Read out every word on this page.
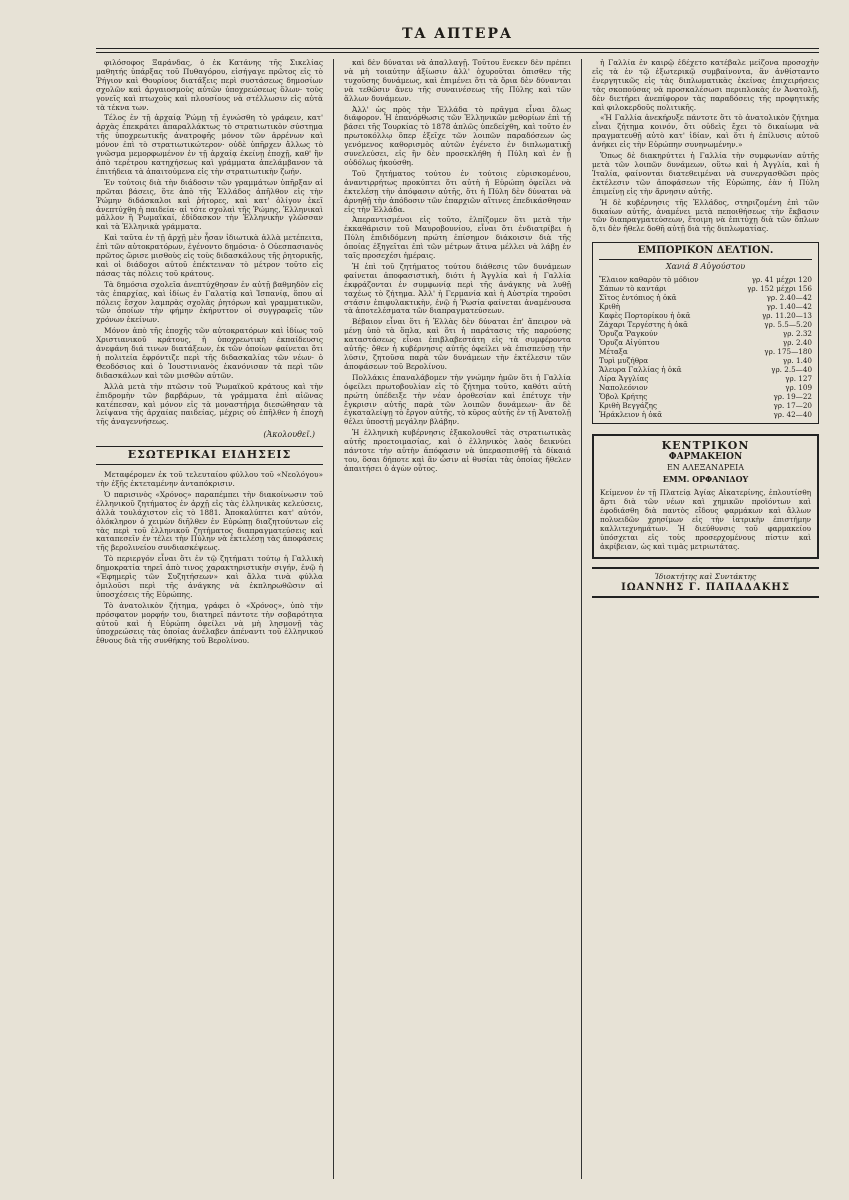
ΤΑ ΑΠΤΕΡΑ

φιλόσοφος Ξαράνδας, ὁ ἐκ Κατάνης τῆς Σικελίας μαθητής ὑπάρξας τοῦ Πυθαγόρου, εἰσήγαγε πρῶτος εἰς τὸ Ῥήγιον καὶ Θουρίους διατάξεις περὶ συστάσεως δημοσίων σχολῶν καὶ ἀργαιοσμοὺς αὐτῶν ὑποχρεώσεως ὅλων· τοὺς γονεῖς καὶ πτωχοὺς καὶ πλουσίους νὰ στέλλωσιν εἰς αὐτὰ τὰ τέκνα των.

Τέλος ἐν τῇ ἀρχαίᾳ Ῥώμῃ τῇ ἐγνώσθη τὸ γράφειν, κατ' ἀρχὰς ἐπεκράτει ἀπαραλλάκτως τὸ στρατιωτικὸν σύστημα τῆς ὑποχρεωτικῆς ἀνατροφῆς μόνον τῶν ἀρρένων καὶ μόνον ἐπὶ τὸ στρατιωτικώτερον· οὐδὲ ὑπῆρχεν ἄλλως τὸ γνῶσμα μεμορφωμένον ἐν τῇ ἀρχαίᾳ ἐκείνῃ ἐποχῇ, καθ' ἣν ἀπὸ τερέτρου κατηχήσεως καὶ γράμματα ἀπελάμβανον τὰ ἐπιτήδεια τὰ ἀπαιτούμενα εἰς τὴν στρατιωτικὴν ζωήν.

Ἐν τούτοις διὰ τὴν διάδοσιν τῶν γραμμάτων ὑπῆρξαν αἱ πρῶται βάσεις, ὅτε ἀπὸ τῆς Ἑλλάδος ἀπῆλθον εἰς τὴν Ῥώμην διδάσκαλοι καὶ ῥήτορες, καὶ κατ' ὀλίγον ἐκεῖ ἀνεπτύχθη ἡ παιδεία· αἱ τότε σχολαὶ τῆς Ῥώμης, Ἑλληνικαὶ μᾶλλον ἢ Ῥωμαϊκαί, ἐδίδασκον τὴν Ἑλληνικὴν γλῶσσαν καὶ τὰ Ἑλληνικὰ γράμματα.

Καὶ ταῦτα ἐν τῇ ἀρχῇ μὲν ἦσαν ἰδιωτικὰ ἀλλὰ μετέπειτα, ἐπὶ τῶν αὐτοκρατόρων, ἐγένοντο δημόσια· ὁ Οὐεσπασιανὸς πρῶτος ὥρισε μισθοὺς εἰς τοὺς διδασκάλους τῆς ῥητορικῆς, καὶ οἱ διάδοχοι αὐτοῦ ἐπέκτειναν τὸ μέτρον τοῦτο εἰς πάσας τὰς πόλεις τοῦ κράτους.

Τὰ δημόσια σχολεῖα ἀνεπτύχθησαν ἐν αὐτῇ βαθμηδὸν εἰς τὰς ἐπαρχίας, καὶ ἰδίως ἐν Γαλατίᾳ καὶ Ἱσπανίᾳ, ὅπου αἱ πόλεις ἔσχον λαμπρὰς σχολὰς ῥητόρων καὶ γραμματικῶν, τῶν ὁποίων τὴν φήμην ἐκήρυττον οἱ συγγραφεῖς τῶν χρόνων ἐκείνων.

Μόνον ἀπὸ τῆς ἐποχῆς τῶν αὐτοκρατόρων καὶ ἰδίως τοῦ Χριστιανικοῦ κράτους, ἡ ὑποχρεωτικὴ ἐκπαίδευσις ἀνεφάνη διά τινων διατάξεων, ἐκ τῶν ὁποίων φαίνεται ὅτι ἡ πολιτεία ἐφρόντιζε περὶ τῆς διδασκαλίας τῶν νέων· ὁ Θεοδόσιος καὶ ὁ Ἰουστινιανὸς ἐκανόνισαν τὰ περὶ τῶν διδασκάλων καὶ τῶν μισθῶν αὐτῶν.

Ἀλλὰ μετὰ τὴν πτῶσιν τοῦ Ῥωμαϊκοῦ κράτους καὶ τὴν ἐπιδρομὴν τῶν βαρβάρων, τὰ γράμματα ἐπὶ αἰῶνας κατέπεσαν, καὶ μόνον εἰς τὰ μοναστήρια διεσώθησαν τὰ λείψανα τῆς ἀρχαίας παιδείας, μέχρις οὗ ἐπῆλθεν ἡ ἐποχὴ τῆς ἀναγεννήσεως.

(Ἀκολουθεῖ.)
ΕΣΩΤΕΡΙΚΑΙ ΕΙΔΗΣΕΙΣ

Μεταφέρομεν ἐκ τοῦ τελευταίου φύλλου τοῦ «Νεολόγου» τὴν ἑξῆς ἐκτεταμένην ἀνταπόκρισιν.

Ὁ παρισινὸς «Χρόνος» παραπέμπει τὴν διακοίνωσιν τοῦ ἑλληνικοῦ ζητήματος ἐν ἀρχῇ εἰς τὰς ἑλληνικὰς κελεύσεις, ἀλλὰ τουλάχιστον εἰς τὸ 1881. Ἀποκαλύπτει κατ' αὐτόν, ὁλόκληρον ὁ χειμὼν διῆλθεν ἐν Εὐρώπῃ διαζητούντων εἰς τὰς περὶ τοῦ ἑλληνικοῦ ζητήματος διαπραγματεύσεις καὶ καταπεσεῖν ἐν τέλει τὴν Πύλην νὰ ἐκτελέσῃ τὰς ἀποφάσεις τῆς βερολινείου συνδιασκέψεως.

Τὸ περιεργόν εἶναι ὅτι ἐν τῷ ζητήματι τούτῳ ἡ Γαλλικὴ δημοκρατία τηρεῖ ἀπὸ τινος χαρακτηριστικὴν σιγήν, ἐνῷ ἡ «Ἐφημερὶς τῶν Συζητήσεων» καὶ ἄλλα τινὰ φύλλα ὁμιλοῦσι περὶ τῆς ἀνάγκης νὰ ἐκπληρωθῶσιν αἱ ὑποσχέσεις τῆς Εὐρώπης.

Τὸ ἀνατολικὸν ζήτημα, γράφει ὁ «Χρόνος», ὑπὸ τὴν πρόσφατον μορφήν του, διατηρεῖ πάντοτε τὴν σοβαρότητα αὐτοῦ καὶ ἡ Εὐρώπη ὀφείλει νὰ μὴ λησμονῇ τὰς ὑποχρεώσεις τὰς ὁποίας ἀνέλαβεν ἀπέναντι τοῦ ἑλληνικοῦ ἔθνους διὰ τῆς συνθήκης τοῦ Βερολίνου.

καὶ δὲν δύναται νὰ ἀπαλλαγῇ. Τοῦτου ἕνεκεν δὲν πρέπει νὰ μὴ τοιαύτην ἀξίωσιν ἀλλ' ὀχυροῦται ὀπισθεν τῆς τυχοῦσης δυνάμεως, καὶ ἐπιμένει ὅτι τὰ ὅρια δὲν δύνανται νὰ τεθῶσιν ἄνευ τῆς συναινέσεως τῆς Πύλης καὶ τῶν ἄλλων δυνάμεων.

Ἀλλ' ὡς πρὸς τὴν Ἑλλάδα τὸ πρᾶγμα εἶναι ὅλως διάφορον. Ἡ ἐπανόρθωσις τῶν Ἑλληνικῶν μεθορίων ἐπὶ τῇ βάσει τῆς Τουρκίας τὸ 1878 ἁπλῶς ὑπεδείχθη, καὶ τοῦτο ἐν πρωτοκόλλῳ ὅπερ ἐξεῖχε τῶν λοιπῶν παραδόσεων ὡς γενόμενος καθορισμὸς αὐτῶν ἐγένετο ἐν διπλωματικῇ συνελεύσει, εἰς ἣν δὲν προσεκλήθη ἡ Πύλη καὶ ἐν ᾗ οὐδόλως ἠκούσθη.

Τοῦ ζητήματος τούτου ἐν τούτοις εὑρισκομένου, ἀναντιρρήτως προκύπτει ὅτι αὐτὴ ἡ Εὐρώπη ὀφείλει νὰ ἐκτελέσῃ τὴν ἀπόφασιν αὐτῆς, ὅτι ἡ Πύλη δὲν δύναται νὰ ἀρνηθῇ τὴν ἀπόδοσιν τῶν ἐπαρχιῶν αἵτινες ἐπεδικάσθησαν εἰς τὴν Ἑλλάδα.

Ἀπεραντισμένοι εἰς τοῦτο, ἐλπίζομεν ὅτι μετὰ τὴν ἐκκαθάρισιν τοῦ Μαυροβουνίου, εἶναι ὅτι ἐνδιατρίβει ἡ Πύλη ἐπιδιδόμενη πρώτη ἐπίσημον διάκοισιν διὰ τῆς ὁποίας ἐξηγεῖται ἐπὶ τῶν μέτρων ἅτινα μέλλει νὰ λάβῃ ἐν ταῖς προσεχέσι ἡμέραις.

Ἡ ἐπὶ τοῦ ζητήματος τούτου διάθεσις τῶν δυνάμεων φαίνεται ἀποφασιστικὴ, διότι ἡ Ἀγγλία καὶ ἡ Γαλλία ἐκφράζονται ἐν συμφωνίᾳ περὶ τῆς ἀνάγκης νὰ λυθῇ ταχέως τὸ ζήτημα. Ἀλλ' ἡ Γερμανία καὶ ἡ Αὐστρία τηροῦσι στάσιν ἐπιφυλακτικὴν, ἐνῷ ἡ Ῥωσία φαίνεται ἀναμένουσα τὰ ἀποτελέσματα τῶν διαπραγματεύσεων.

Βέβαιον εἶναι ὅτι ἡ Ἑλλὰς δὲν δύναται ἐπ' ἄπειρον νὰ μένῃ ὑπὸ τὰ ὅπλα, καὶ ὅτι ἡ παράτασις τῆς παρούσης καταστάσεως εἶναι ἐπιβλαβεστάτη εἰς τὰ συμφέροντα αὐτῆς· ὅθεν ἡ κυβέρνησις αὐτῆς ὀφείλει νὰ ἐπισπεύσῃ τὴν λύσιν, ζητοῦσα παρὰ τῶν δυνάμεων τὴν ἐκτέλεσιν τῶν ἀποφάσεων τοῦ Βερολίνου.

Πολλάκις ἐπαναλάβομεν τὴν γνώμην ἡμῶν ὅτι ἡ Γαλλία ὀφείλει πρωτοβουλίαν εἰς τὸ ζήτημα τοῦτο, καθότι αὐτὴ πρώτη ὑπέδειξε τὴν νέαν ὁροθεσίαν καὶ ἐπέτυχε τὴν ἔγκρισιν αὐτῆς παρὰ τῶν λοιπῶν δυνάμεων· ἂν δὲ ἐγκαταλείψῃ τὸ ἔργον αὐτῆς, τὸ κῦρος αὐτῆς ἐν τῇ Ἀνατολῇ θέλει ὑποστῇ μεγάλην βλάβην.

Ἡ ἑλληνικὴ κυβέρνησις ἐξακολουθεῖ τὰς στρατιωτικὰς αὐτῆς προετοιμασίας, καὶ ὁ ἑλληνικὸς λαὸς δεικνύει πάντοτε τὴν αὐτὴν ἀπόφασιν νὰ ὑπερασπισθῇ τὰ δίκαιά του, ὅσαι δήποτε καὶ ἂν ὦσιν αἱ θυσίαι τὰς ὁποίας ἤθελεν ἀπαιτήσει ὁ ἀγὼν οὗτος.

ἡ Γαλλία ἐν καιρῷ ἐδέχετο κατέβαλε μείζονα προσοχὴν εἰς τὰ ἐν τῷ ἐξωτερικῷ συμβαίνοντα, ἂν ἀνθίσταντο ἐνεργητικῶς εἰς τὰς διπλωματικὰς ἐκείνας ἐπιχειρήσεις τὰς σκοπούσας νὰ προσκαλέσωσι περιπλοκὰς ἐν Ἀνατολῇ, δὲν διετήρει ἀνεπίφορον τὰς παραδόσεις τῆς προφητικῆς καὶ φιλοκερδοῦς πολιτικῆς.

«Ἡ Γαλλία ἀνεκήρυξε πάντοτε ὅτι τὸ ἀνατολικὸν ζήτημα εἶναι ζήτημα κοινόν, ὅτι οὐδεὶς ἔχει τὸ δικαίωμα νὰ πραγματευθῇ αὐτὸ κατ' ἰδίαν, καὶ ὅτι ἡ ἐπίλυσις αὐτοῦ ἀνήκει εἰς τὴν Εὐρώπην συνηνωμένην.»

Ὅπως δὲ διακηρύττει ἡ Γαλλία τὴν συμφωνίαν αὐτῆς μετὰ τῶν λοιπῶν δυνάμεων, οὕτω καὶ ἡ Ἀγγλία, καὶ ἡ Ἰταλία, φαίνονται διατεθειμέναι νὰ συνεργασθῶσι πρὸς ἐκτέλεσιν τῶν ἀποφάσεων τῆς Εὐρώπης, ἐὰν ἡ Πύλη ἐπιμείνῃ εἰς τὴν ἄρνησιν αὐτῆς.

Ἡ δὲ κυβέρνησις τῆς Ἑλλάδος, στηριζομένη ἐπὶ τῶν δικαίων αὐτῆς, ἀναμένει μετὰ πεποιθήσεως τὴν ἔκβασιν τῶν διαπραγματεύσεων, ἕτοιμη νὰ ἐπιτύχῃ διὰ τῶν ὅπλων ὅ,τι δὲν ἤθελε δοθῆ αὐτῇ διὰ τῆς διπλωματίας.

ΕΜΠΟΡΙΚΟΝ ΔΕΛΤΙΟΝ.
Χανιά 8 Αὐγούστου
Ἔλαιον καθαρὸν τὸ μόδιον	γρ. 41 μέχρι 120
Σάπων τὸ καντάρι	γρ. 152 μέχρι 156
Σῖτος ἐντόπιος ἡ ὀκᾶ	γρ. 2.40—42
Κριθὴ	γρ. 1.40—42
Καφὲς Πορτορίκου ἡ ὀκᾶ	γρ. 11.20—13
Ζάχαρι Τεργέστης ἡ ὀκᾶ	γρ. 5.5—5.20
Ὄρυζα Ῥαγκούν	γρ. 2.32
Ὄρυζα Αἰγύπτου	γρ. 2.40
Μέταξα	γρ. 175—180
Τυρὶ μυζήθρα	γρ. 1.40
Ἄλευρα Γαλλίας ἡ ὀκᾶ	γρ. 2.5—40
Λίρα Ἀγγλίας	γρ. 127
Ναπολεόνιον	γρ. 109
Ὄβολ Κρήτης	γρ. 19—22
Κριθὴ Βεγγάζης	γρ. 17—20
Ἡράκλειον ἡ ὀκᾶ	γρ. 42—40
ΚΕΝΤΡΙΚΟΝ
ΦΑΡΜΑΚΕΙΟΝ
ΕΝ ΑΛΕΞΑΝΔΡΕΙΑ
ΕΜΜ. ΟΡΦΑΝΙΔΟΥ
Κείμενον ἐν τῇ Πλατείᾳ Ἁγίας Αἰκατερίνης, ἐπλουτίσθη ἄρτι διὰ τῶν νέων καὶ χημικῶν προϊόντων καὶ ἐφοδιάσθη διὰ παντὸς εἴδους φαρμάκων καὶ ἄλλων πολυειδῶν χρησίμων εἰς τὴν ἰατρικὴν ἐπιστήμην καλλιτεχνημάτων. Ἡ διεύθυνσις τοῦ φαρμακείου ὑπόσχεται εἰς τοὺς προσερχομένους πίστιν καὶ ἀκρίβειαν, ὡς καὶ τιμὰς μετριωτάτας.
Ἰδιοκτήτης καὶ Συντάκτης
ΙΩΑΝΝΗΣ Γ. ΠΑΠΑΔΑΚΗΣ
